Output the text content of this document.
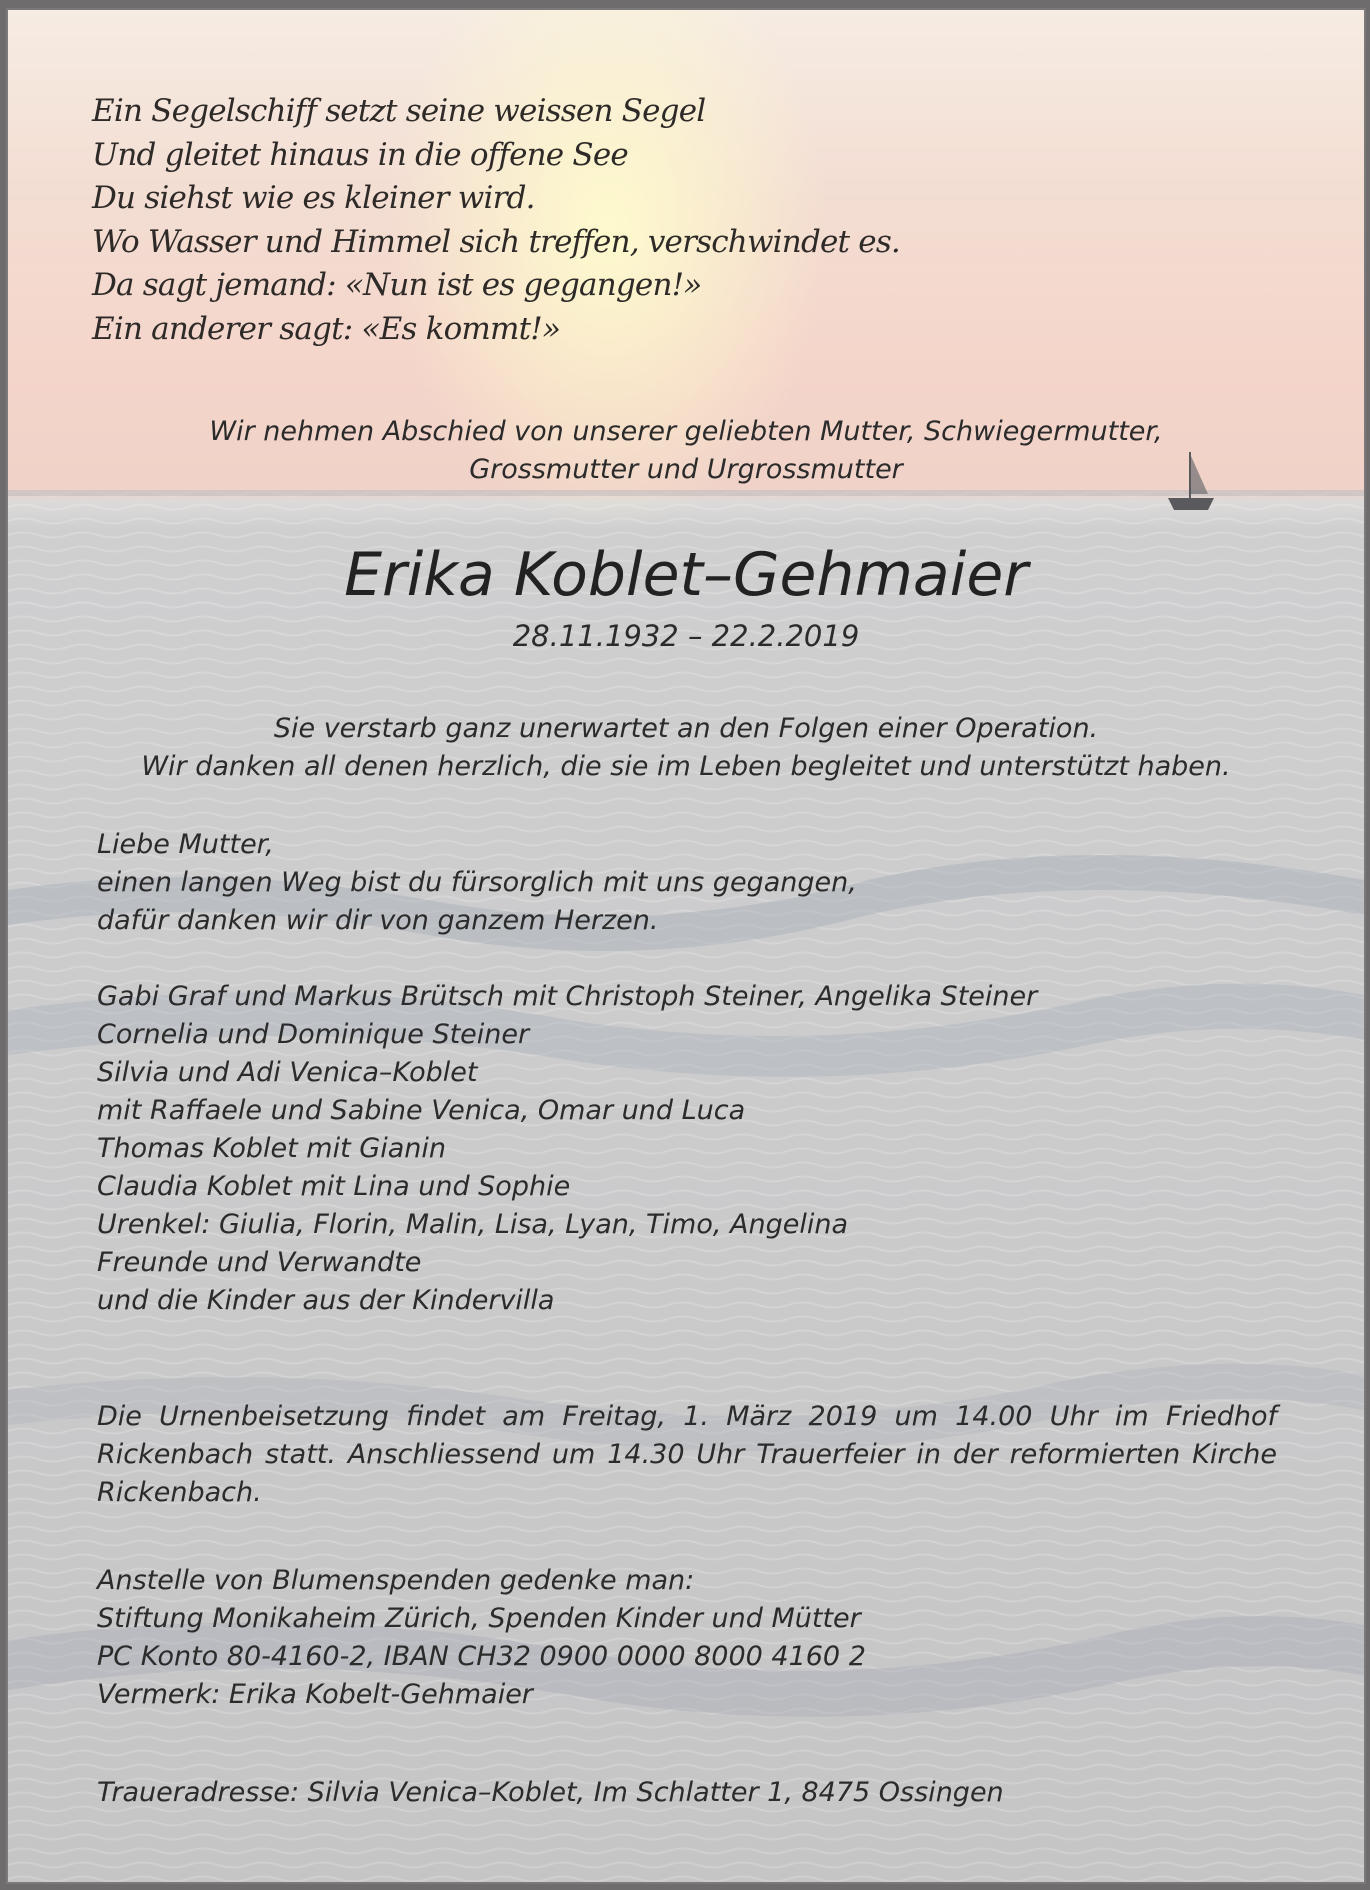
Ein Segelschiff setzt seine weissen Segel
Und gleitet hinaus in die offene See
Du siehst wie es kleiner wird.
Wo Wasser und Himmel sich treffen, verschwindet es.
Da sagt jemand: «Nun ist es gegangen!»
Ein anderer sagt: «Es kommt!»
Wir nehmen Abschied von unserer geliebten Mutter, Schwiegermutter,
Grossmutter und Urgrossmutter
Erika Koblet–Gehmaier
28.11.1932 – 22.2.2019
Sie verstarb ganz unerwartet an den Folgen einer Operation.
Wir danken all denen herzlich, die sie im Leben begleitet und unterstützt haben.
Liebe Mutter,
einen langen Weg bist du fürsorglich mit uns gegangen,
dafür danken wir dir von ganzem Herzen.
Gabi Graf und Markus Brütsch mit Christoph Steiner, Angelika Steiner
Cornelia und Dominique Steiner
Silvia und Adi Venica–Koblet
mit Raffaele und Sabine Venica, Omar und Luca
Thomas Koblet mit Gianin
Claudia Koblet mit Lina und Sophie
Urenkel: Giulia, Florin, Malin, Lisa, Lyan, Timo, Angelina
Freunde und Verwandte
und die Kinder aus der Kindervilla
Die Urnenbeisetzung findet am Freitag, 1. März 2019 um 14.00 Uhr im Friedhof Rickenbach statt. Anschliessend um 14.30 Uhr Trauerfeier in der reformierten Kirche Rickenbach.
Anstelle von Blumenspenden gedenke man:
Stiftung Monikaheim Zürich, Spenden Kinder und Mütter
PC Konto 80-4160-2, IBAN CH32 0900 0000 8000 4160 2
Vermerk: Erika Kobelt-Gehmaier
Traueradresse: Silvia Venica–Koblet, Im Schlatter 1, 8475 Ossingen
